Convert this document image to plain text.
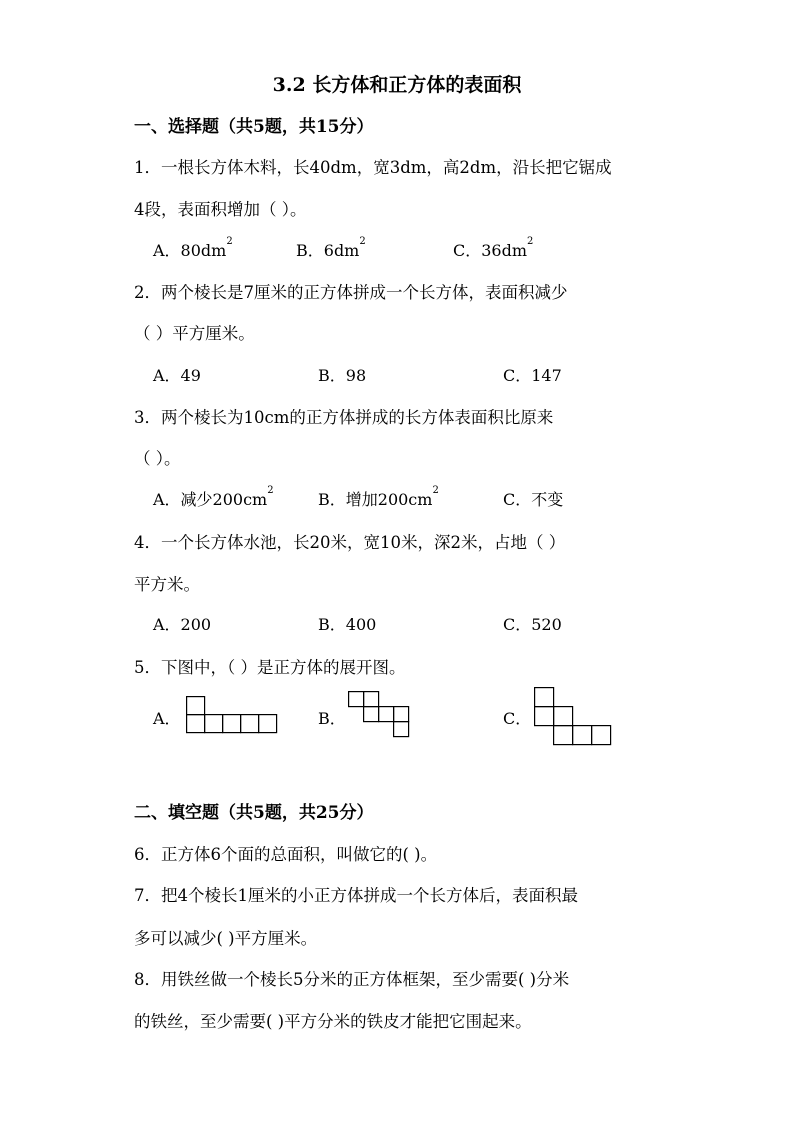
3.2 长方体和正方体的表面积
一、选择题（共5题，共15分）
1．一根长方体木料，长40dm，宽3dm，高2dm，沿长把它锯成
4段，表面积增加（ ）。
A．$80dm^2$	B．$6dm^2$	C．$36dm^2$
2．两个棱长是7厘米的正方体拼成一个长方体，表面积减少
（ ）平方厘米。
A．49	B．98	C．147
3．两个棱长为10cm的正方体拼成的长方体表面积比原来
（ ）。
A．减少$200cm^2$	B．增加$200cm^2$	C．不变
4．一个长方体水池，长20米，宽10米，深2米，占地（ ）
平方米。
A．200	B．400	C．520
5．下图中，（ ）是正方体的展开图。
A．	B．	C．
二、填空题（共5题，共25分）
6．正方体6个面的总面积，叫做它的( )。
7．把4个棱长1厘米的小正方体拼成一个长方体后，表面积最
多可以减少( )平方厘米。
8．用铁丝做一个棱长5分米的正方体框架，至少需要( )分米
的铁丝，至少需要( )平方分米的铁皮才能把它围起来。
